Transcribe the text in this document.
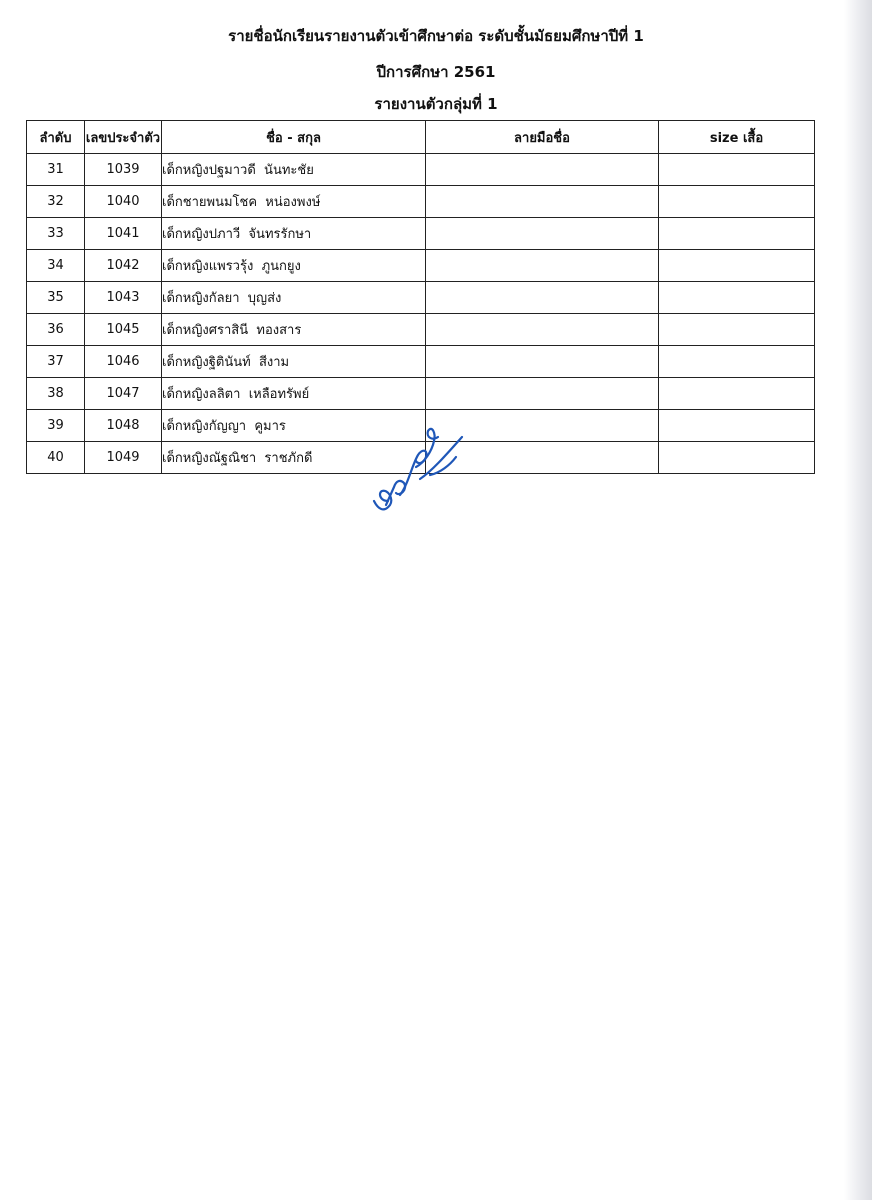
รายชื่อนักเรียนรายงานตัวเข้าศึกษาต่อ ระดับชั้นมัธยมศึกษาปีที่ 1
ปีการศึกษา 2561
รายงานตัวกลุ่มที่ 1
ลำดับ	เลขประจำตัว	ชื่อ - สกุล	ลายมือชื่อ	size เสื้อ
31	1039	เด็กหญิงปฐมาวดี  นันทะชัย		
32	1040	เด็กชายพนมโชค  หน่องพงษ์		
33	1041	เด็กหญิงปภาวี  จันทรรักษา		
34	1042	เด็กหญิงแพรวรุ้ง  ภูนกยูง		
35	1043	เด็กหญิงกัลยา  บุญส่ง		
36	1045	เด็กหญิงศราสินี  ทองสาร		
37	1046	เด็กหญิงฐิตินันท์  สีงาม		
38	1047	เด็กหญิงลลิตา  เหลือทรัพย์		
39	1048	เด็กหญิงกัญญา  คูมาร		
40	1049	เด็กหญิงณัฐณิชา  ราชภักดี		
